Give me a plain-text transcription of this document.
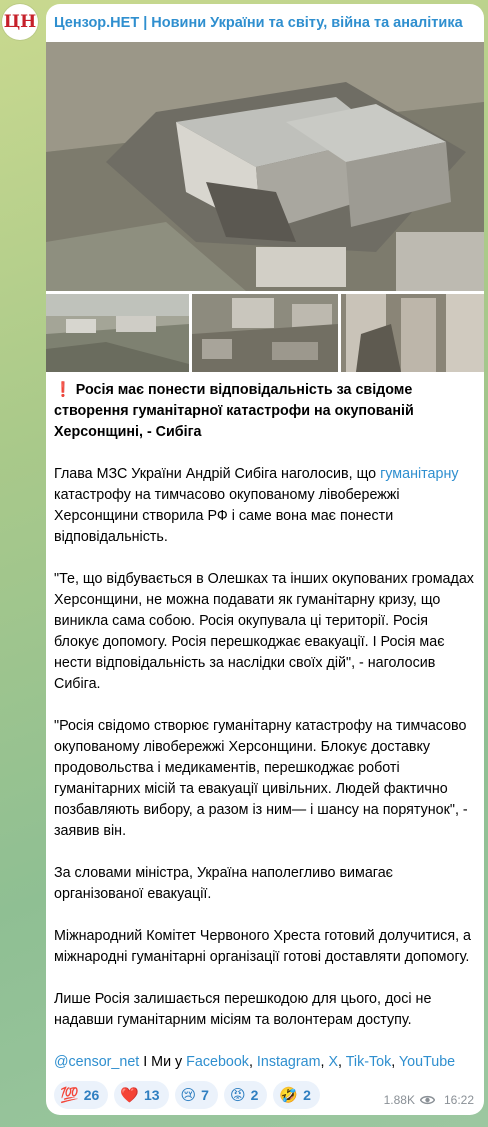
ЦН Цензор.НЕТ | Новини України та світу, війна та аналітика

❗ Росія має понести відповідальність за свідоме створення гуманітарної катастрофи на окупованій Херсонщині, - Сибіга

Глава МЗС України Андрій Сибіга наголосив, що гуманітарну катастрофу на тимчасово окупованому лівобережжі Херсонщини створила РФ і саме вона має понести відповідальність.

"Те, що відбувається в Олешках та інших окупованих громадах Херсонщини, не можна подавати як гуманітарну кризу, що виникла сама собою. Росія окупувала ці території. Росія блокує допомогу. Росія перешкоджає евакуації. І Росія має нести відповідальність за наслідки своїх дій", - наголосив Сибіга.

"Росія свідомо створює гуманітарну катастрофу на тимчасово окупованому лівобережжі Херсонщини. Блокує доставку продовольства і медикаментів, перешкоджає роботі гуманітарних місій та евакуації цивільних. Людей фактично позбавляють вибору, а разом із ним— і шансу на порятунок", - заявив він.

За словами міністра, Україна наполегливо вимагає організованої евакуації.

Міжнародний Комітет Червоного Хреста готовий долучитися, а міжнародні гуманітарні організації готові доставляти допомогу.

Лише Росія залишається перешкодою для цього, досі не надавши гуманітарним місіям та волонтерам доступу.

@censor_net І Ми у Facebook, Instagram, X, Tik-Tok, YouTube

💯 26 ❤️ 13 😢 7 😡 2 🤣 2	1.88K 16:22
